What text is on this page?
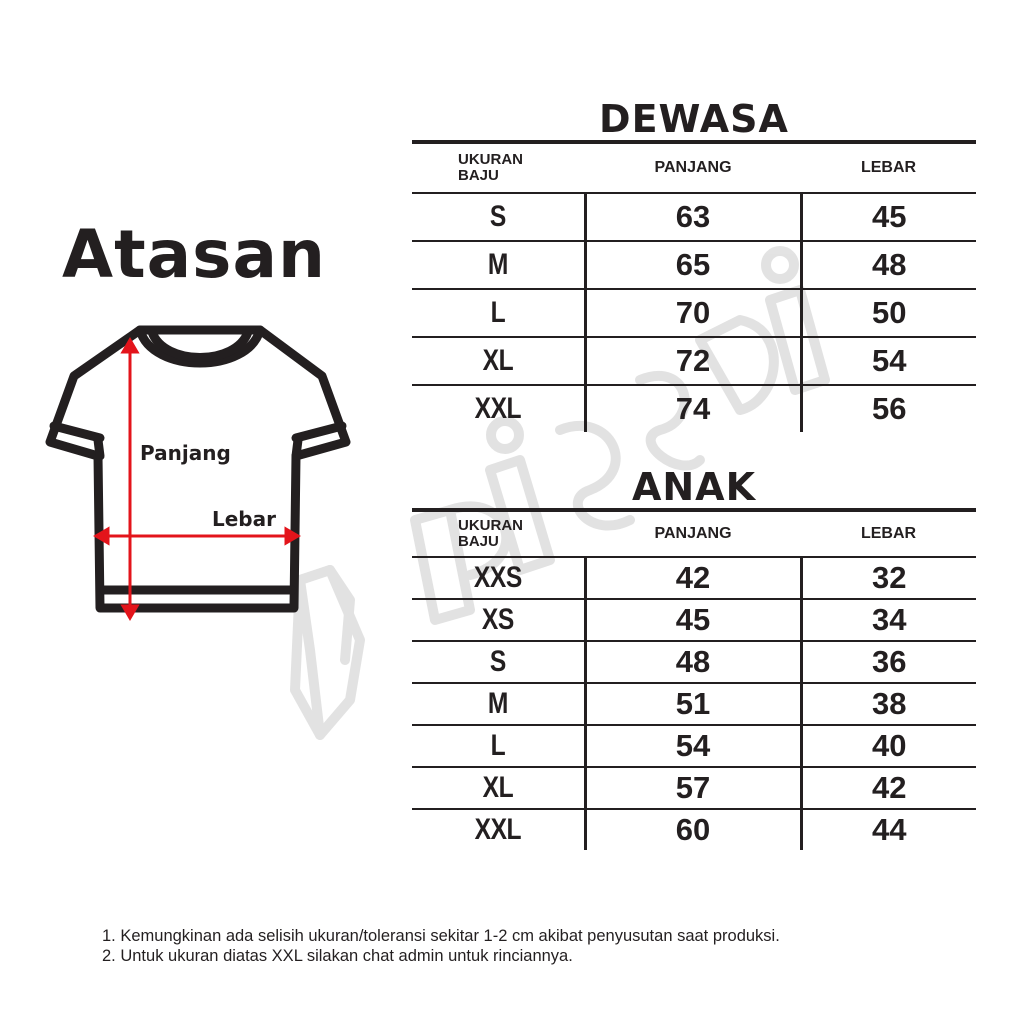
Atasan
Panjang
Lebar
DEWASA
UKURAN
BAJU	PANJANG	LEBAR
S	63	45
M	65	48
L	70	50
XL	72	54
XXL	74	56
ANAK
UKURAN
BAJU	PANJANG	LEBAR
XXS	42	32
XS	45	34
S	48	36
M	51	38
L	54	40
XL	57	42
XXL	60	44

1. Kemungkinan ada selisih ukuran/toleransi sekitar 1-2 cm akibat penyusutan saat produksi.

2. Untuk ukuran diatas XXL silakan chat admin untuk rinciannya.
